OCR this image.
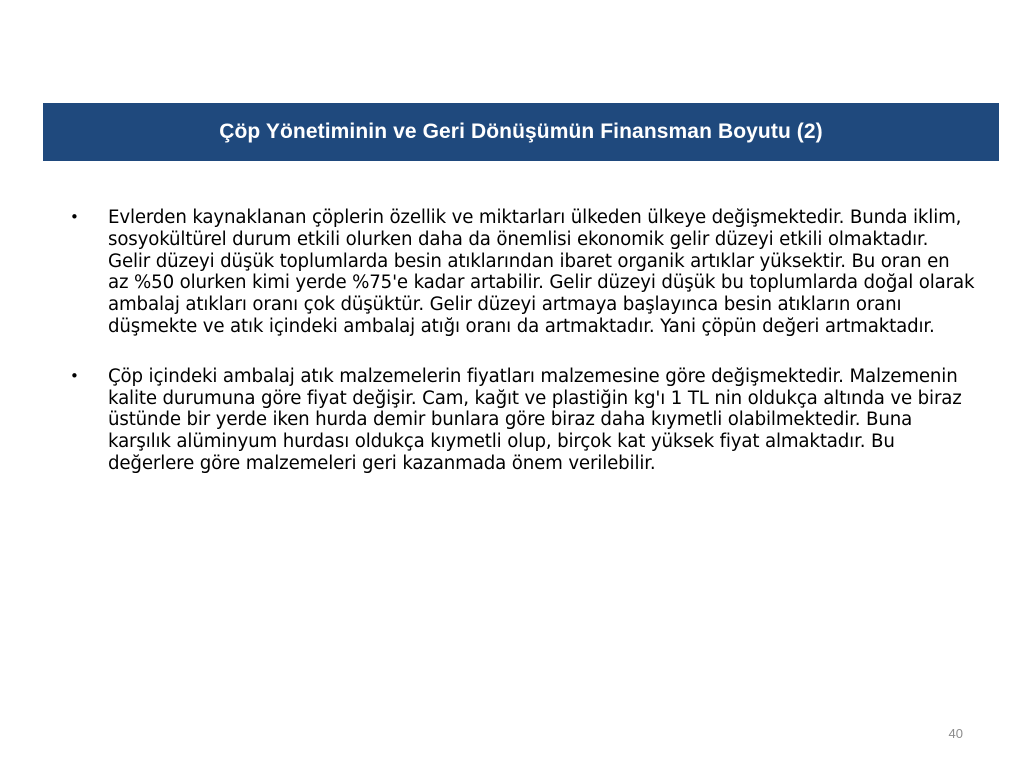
Çöp Yönetiminin ve Geri Dönüşümün Finansman Boyutu (2)
•	Evlerden kaynaklanan çöplerin özellik ve miktarları ülkeden ülkeye değişmektedir. Bunda iklim, sosyokültürel durum etkili olurken daha da önemlisi ekonomik gelir düzeyi etkili olmaktadır. Gelir düzeyi düşük toplumlarda besin atıklarından ibaret organik artıklar yüksektir. Bu oran en az %50 olurken kimi yerde %75'e kadar artabilir. Gelir düzeyi düşük bu toplumlarda doğal olarak ambalaj atıkları oranı çok düşüktür. Gelir düzeyi artmaya başlayınca besin atıkların oranı düşmekte ve atık içindeki ambalaj atığı oranı da artmaktadır. Yani çöpün değeri artmaktadır.
•	Çöp içindeki ambalaj atık malzemelerin fiyatları malzemesine göre değişmektedir. Malzemenin kalite durumuna göre fiyat değişir. Cam, kağıt ve plastiğin kg'ı 1 TL nin oldukça altında ve biraz üstünde bir yerde iken hurda demir bunlara göre biraz daha kıymetli olabilmektedir. Buna karşılık alüminyum hurdası oldukça kıymetli olup, birçok kat yüksek fiyat almaktadır. Bu değerlere göre malzemeleri geri kazanmada önem verilebilir.
40
